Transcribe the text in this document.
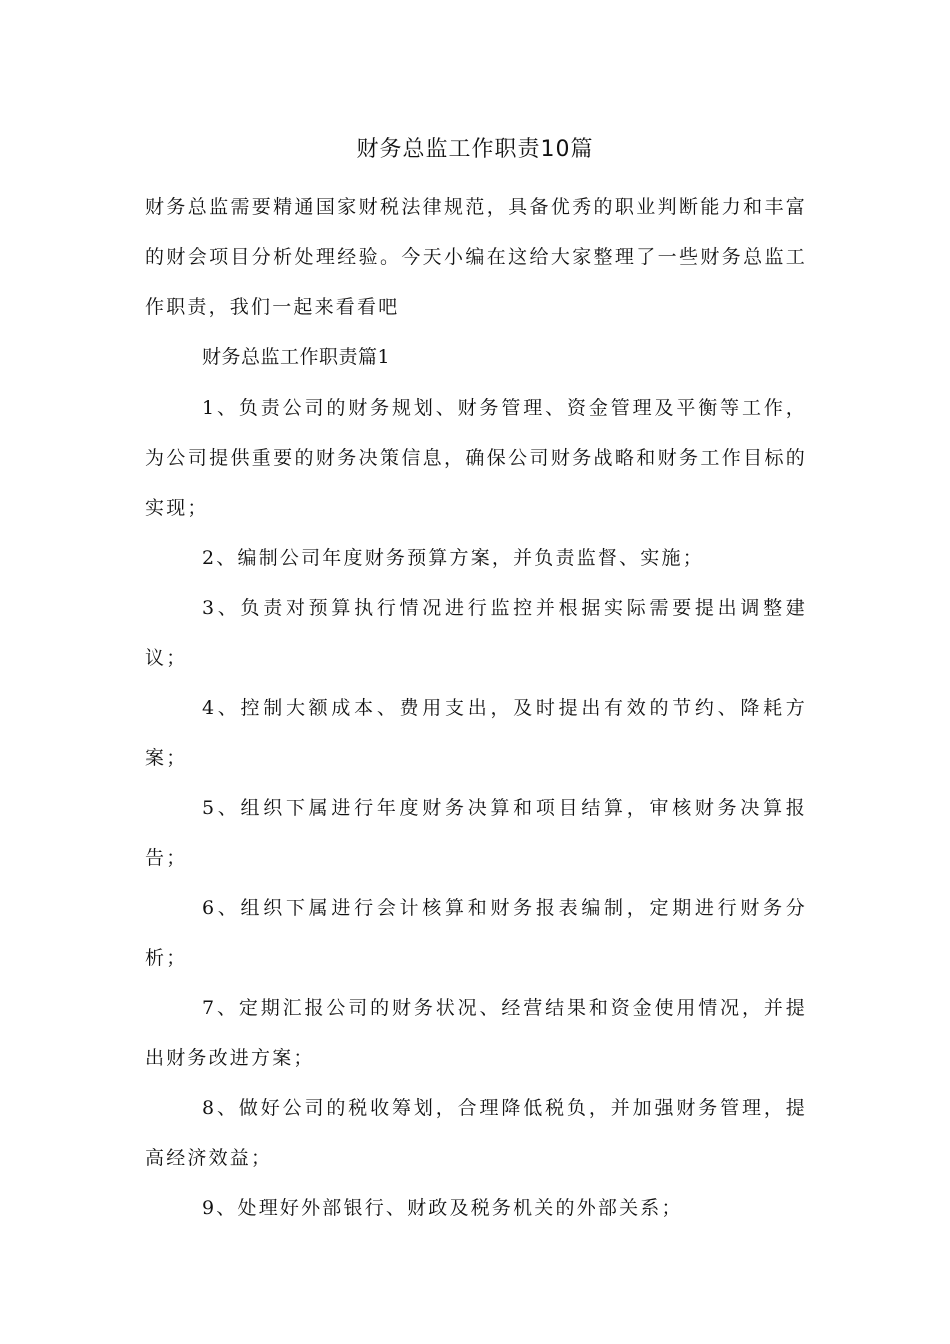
财务总监工作职责10篇

财务总监需要精通国家财税法律规范，具备优秀的职业判断能力和丰富的财会项目分析处理经验。今天小编在这给大家整理了一些财务总监工作职责，我们一起来看看吧

财务总监工作职责篇1

1、负责公司的财务规划、财务管理、资金管理及平衡等工作，为公司提供重要的财务决策信息，确保公司财务战略和财务工作目标的实现；

2、编制公司年度财务预算方案，并负责监督、实施；

3、负责对预算执行情况进行监控并根据实际需要提出调整建议；

4、控制大额成本、费用支出，及时提出有效的节约、降耗方案；

5、组织下属进行年度财务决算和项目结算，审核财务决算报告；

6、组织下属进行会计核算和财务报表编制，定期进行财务分析；

7、定期汇报公司的财务状况、经营结果和资金使用情况，并提出财务改进方案；

8、做好公司的税收筹划，合理降低税负，并加强财务管理，提高经济效益；

9、处理好外部银行、财政及税务机关的外部关系；
